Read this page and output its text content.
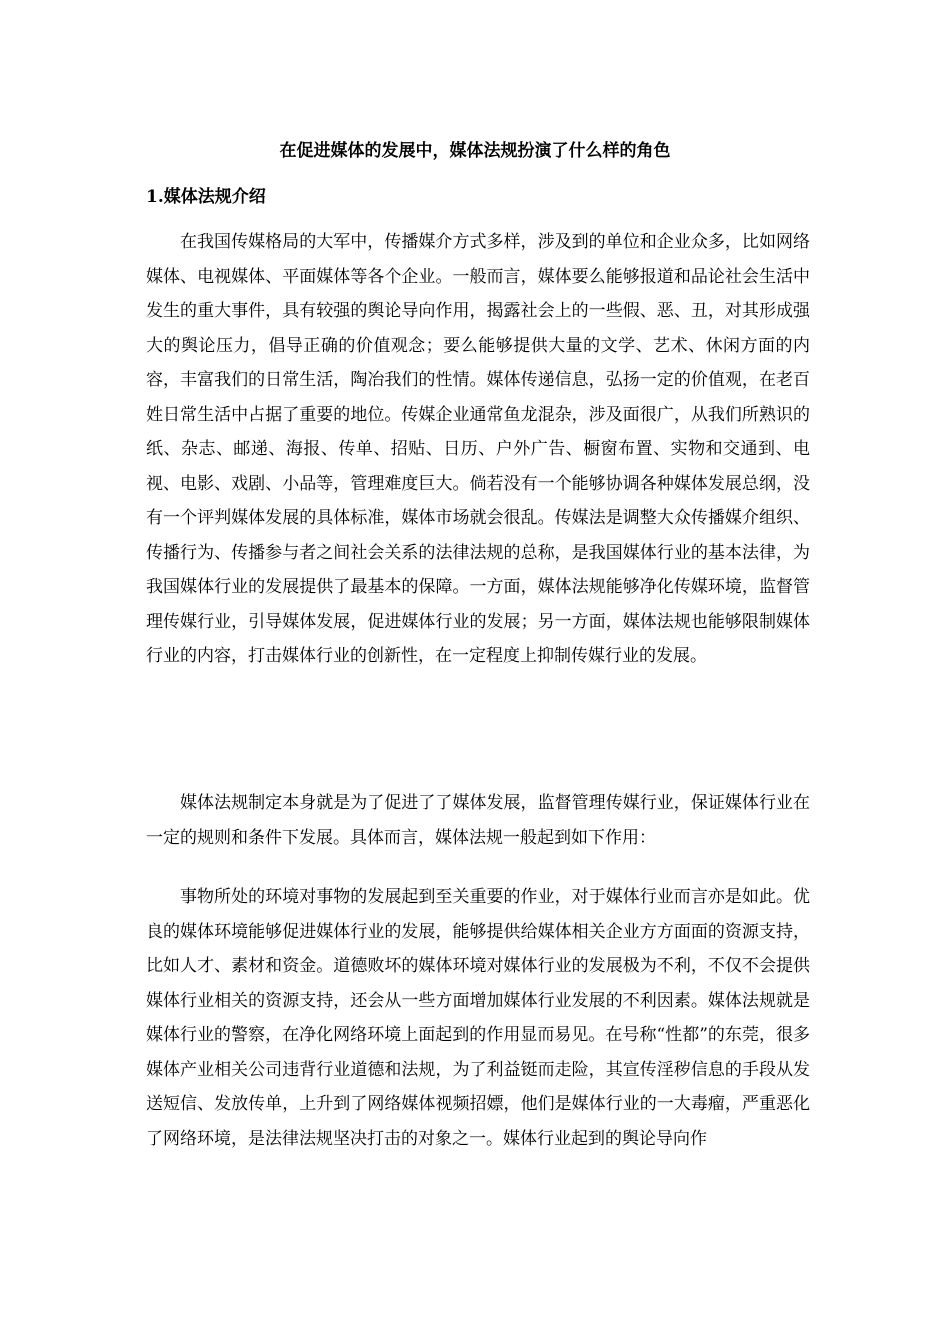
在促进媒体的发展中，媒体法规扮演了什么样的角色
1.媒体法规介绍

在我国传媒格局的大军中，传播媒介方式多样，涉及到的单位和企业众多，比如网络媒体、电视媒体、平面媒体等各个企业。一般而言，媒体要么能够报道和品论社会生活中发生的重大事件，具有较强的舆论导向作用，揭露社会上的一些假、恶、丑，对其形成强大的舆论压力，倡导正确的价值观念；要么能够提供大量的文学、艺术、休闲方面的内容，丰富我们的日常生活，陶冶我们的性情。媒体传递信息，弘扬一定的价值观，在老百姓日常生活中占据了重要的地位。传媒企业通常鱼龙混杂，涉及面很广，从我们所熟识的纸、杂志、邮递、海报、传单、招贴、日历、户外广告、橱窗布置、实物和交通到、电视、电影、戏剧、小品等，管理难度巨大。倘若没有一个能够协调各种媒体发展总纲，没有一个评判媒体发展的具体标准，媒体市场就会很乱。传媒法是调整大众传播媒介组织、传播行为、传播参与者之间社会关系的法律法规的总称，是我国媒体行业的基本法律，为我国媒体行业的发展提供了最基本的保障。一方面，媒体法规能够净化传媒环境，监督管理传媒行业，引导媒体发展，促进媒体行业的发展；另一方面，媒体法规也能够限制媒体行业的内容，打击媒体行业的创新性，在一定程度上抑制传媒行业的发展。

媒体法规制定本身就是为了促进了了媒体发展，监督管理传媒行业，保证媒体行业在一定的规则和条件下发展。具体而言，媒体法规一般起到如下作用：

事物所处的环境对事物的发展起到至关重要的作业，对于媒体行业而言亦是如此。优良的媒体环境能够促进媒体行业的发展，能够提供给媒体相关企业方方面面的资源支持，比如人才、素材和资金。道德败坏的媒体环境对媒体行业的发展极为不利，不仅不会提供媒体行业相关的资源支持，还会从一些方面增加媒体行业发展的不利因素。媒体法规就是媒体行业的警察，在净化网络环境上面起到的作用显而易见。在号称“性都”的东莞，很多媒体产业相关公司违背行业道德和法规，为了利益铤而走险，其宣传淫秽信息的手段从发送短信、发放传单，上升到了网络媒体视频招嫖，他们是媒体行业的一大毒瘤，严重恶化了网络环境，是法律法规坚决打击的对象之一。媒体行业起到的舆论导向作
